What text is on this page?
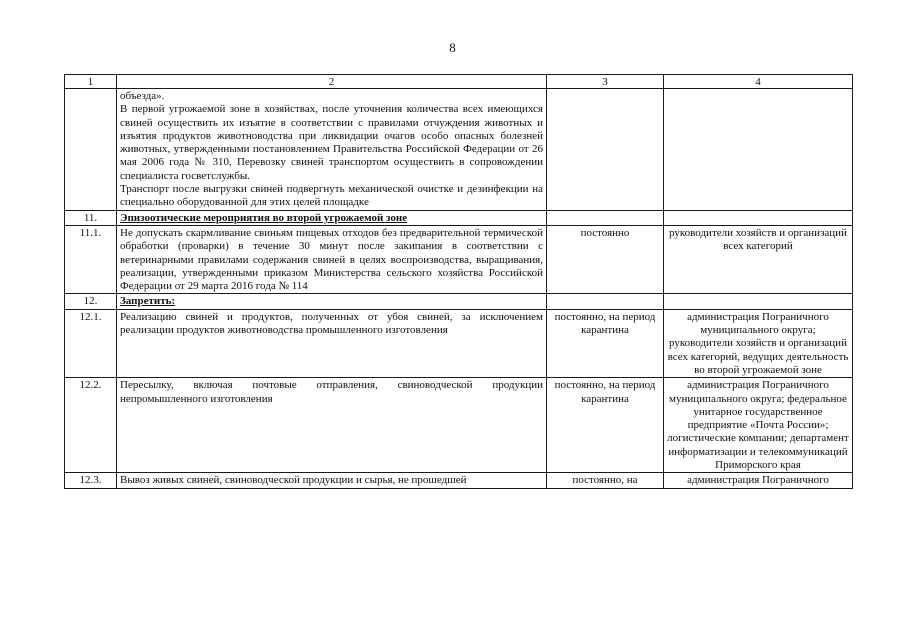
8
1	2	3	4

	объезда».
В первой угрожаемой зоне в хозяйствах, после уточнения количества всех имеющихся свиней осуществить их изъятие в соответствии с правилами отчуждения животных и изъятия продуктов животноводства при ликвидации очагов особо опасных болезней животных, утвержденными постановлением Правительства Российской Федерации от 26 мая 2006 года № 310, Перевозку свиней транспортом осуществить в сопровождении специалиста госветслужбы.
Транспорт после выгрузки свиней подвергнуть механической очистке и дезинфекции на специально оборудованной для этих целей площадке		

11.	Эпизоотические мероприятия во второй угрожаемой зоне		
11.1.	Не допускать скармливание свиньям пищевых отходов без предварительной термической обработки (проварки) в течение 30 минут после закипания в соответствии с ветеринарными правилами содержания свиней в целях воспроизводства, выращивания, реализации, утвержденными приказом Министерства сельского хозяйства Российской Федерации от 29 марта 2016 года № 114	постоянно	руководители хозяйств и организаций всех категорий
12.	Запретить:		
12.1.	Реализацию свиней и продуктов, полученных от убоя свиней, за исключением реализации продуктов животноводства промышленного изготовления	постоянно, на период карантина	администрация Пограничного муниципального округа; руководители хозяйств и организаций всех категорий, ведущих деятельность во второй угрожаемой зоне
12.2.	Пересылку, включая почтовые отправления, свиноводческой продукции непромышленного изготовления	постоянно, на период карантина	администрация Пограничного муниципального округа; федеральное унитарное государственное предприятие «Почта России»; логистические компании; департамент информатизации и телекоммуникаций Приморского края
12.3.	Вывоз живых свиней, свиноводческой продукции и сырья, не прошедшей	постоянно, на	администрация Пограничного
